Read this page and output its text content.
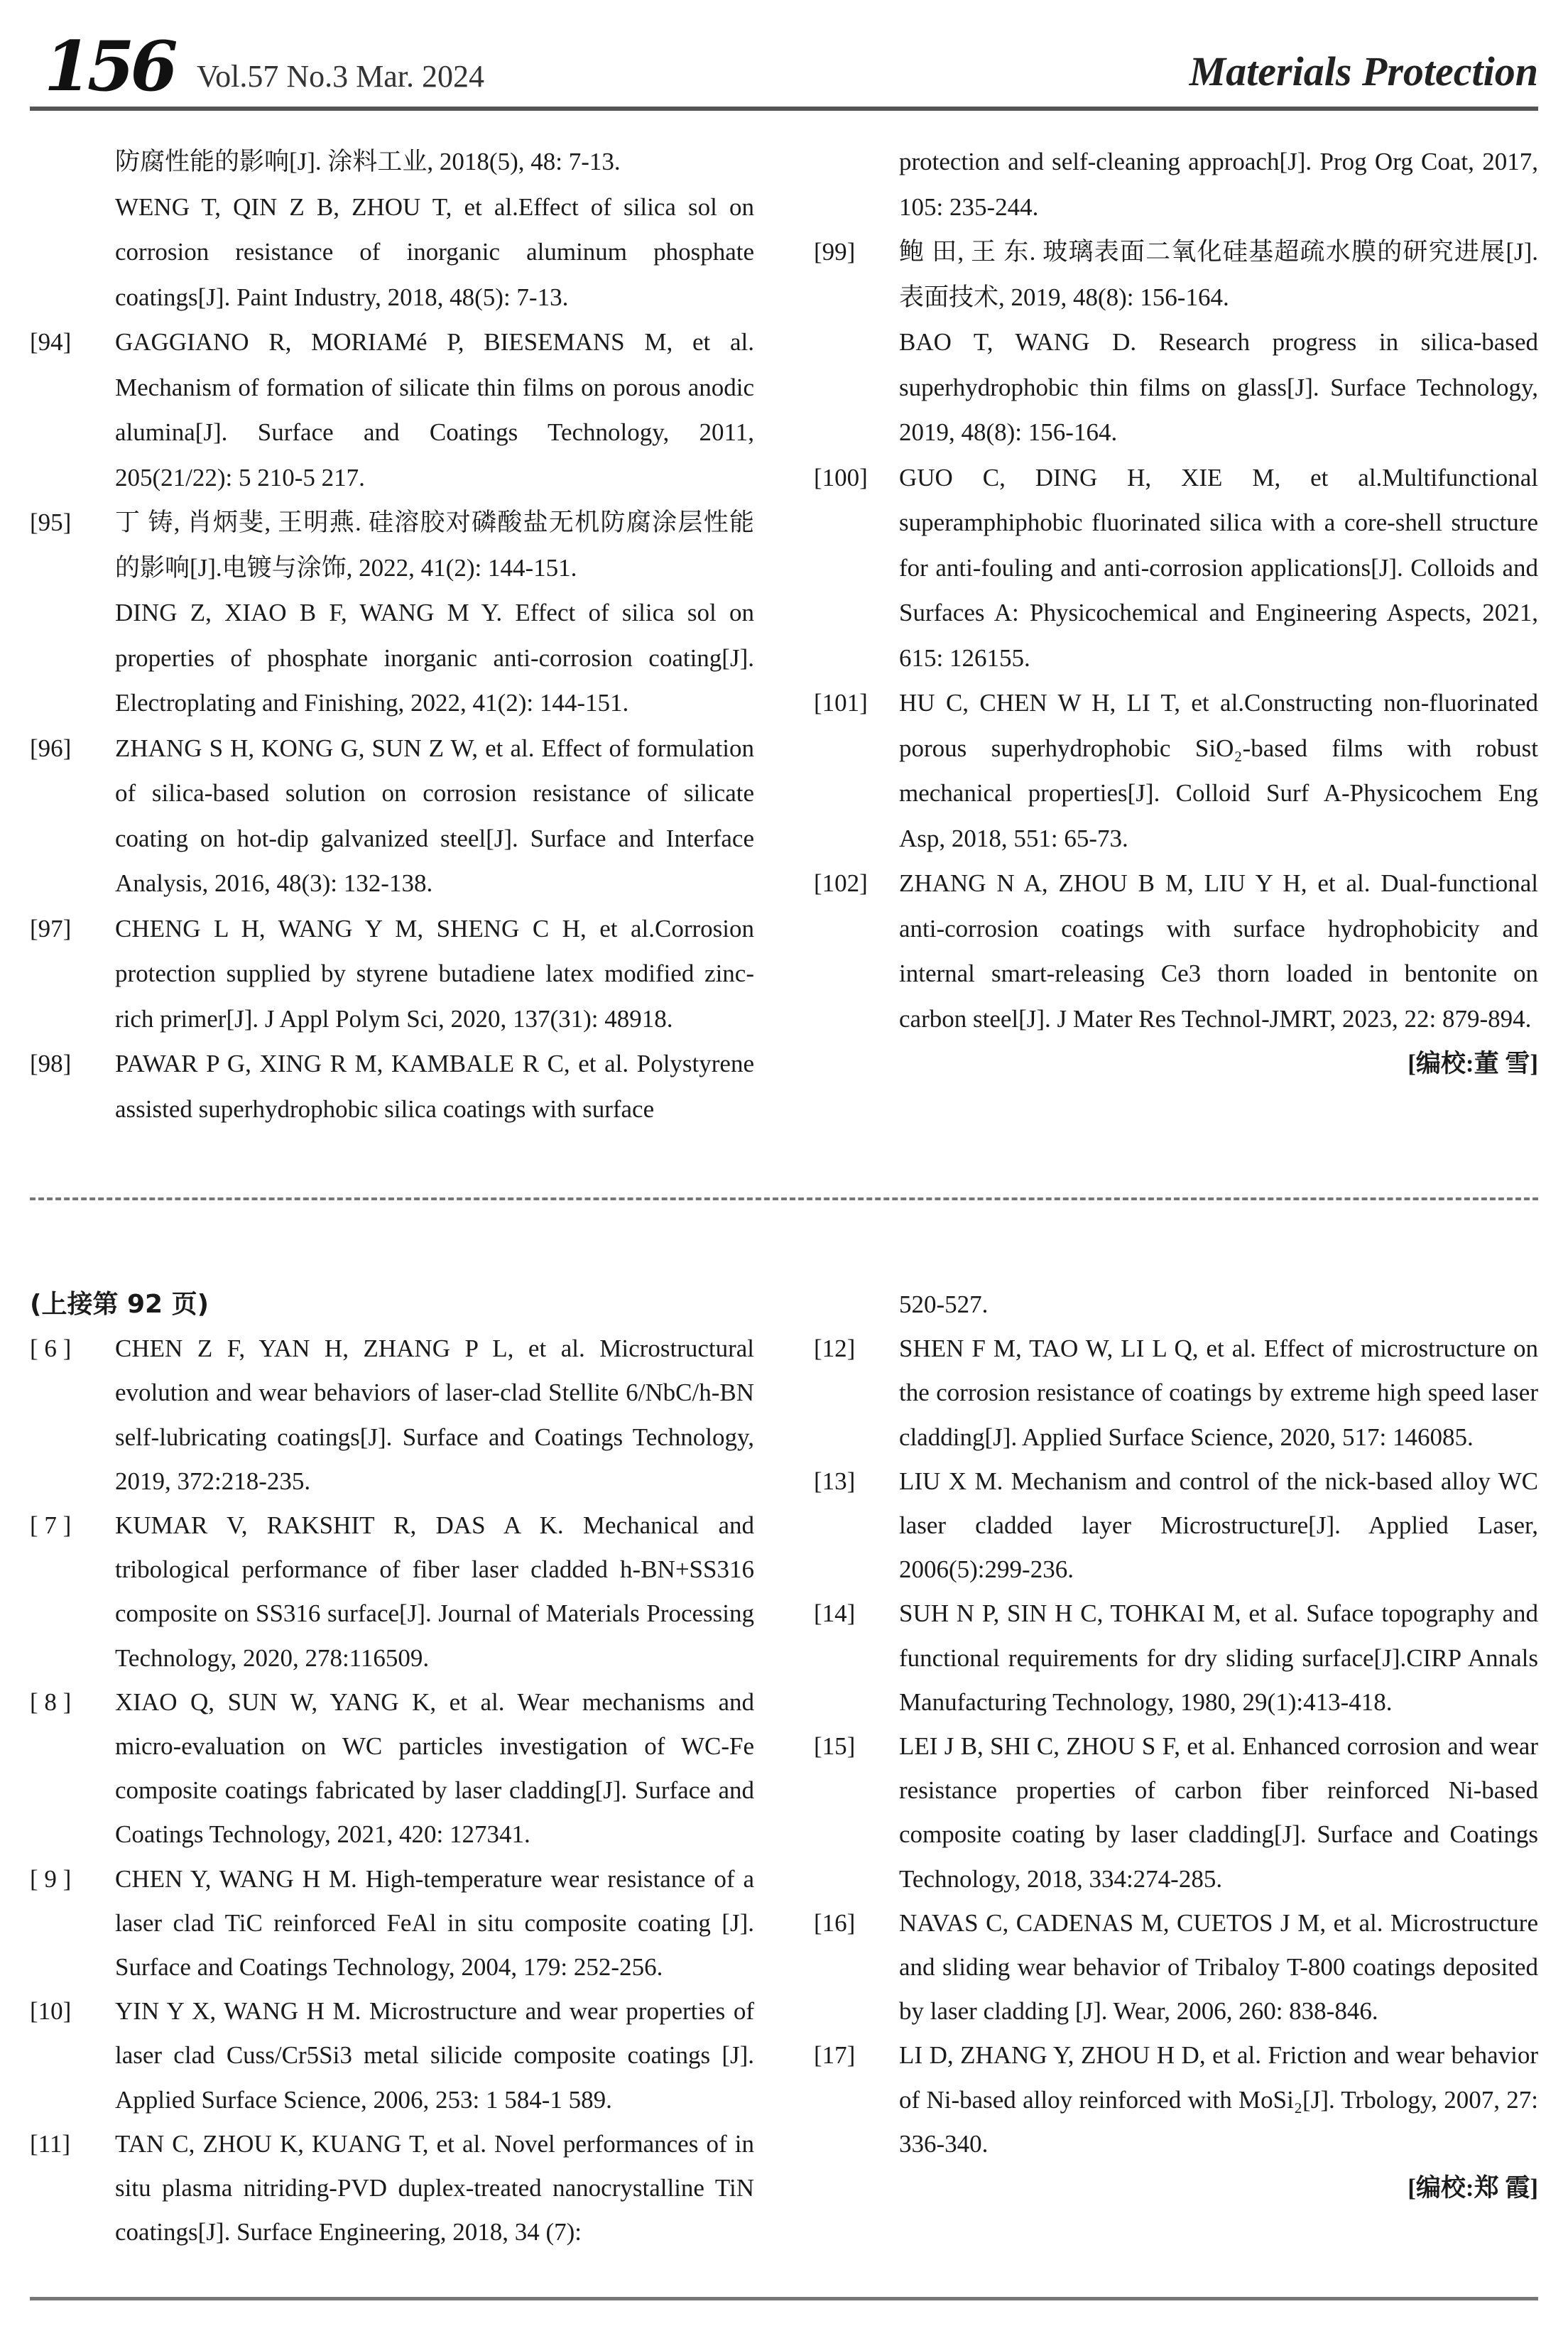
156 Vol.57 No.3 Mar. 2024	Materials Protection
防腐性能的影响[J]. 涂料工业, 2018(5), 48: 7-13.
WENG T, QIN Z B, ZHOU T, et al.Effect of silica sol on corrosion resistance of inorganic aluminum phosphate coatings[J]. Paint Industry, 2018, 48(5): 7-13.
[94] GAGGIANO R, MORIAMé P, BIESEMANS M, et al. Mechanism of formation of silicate thin films on porous anodic alumina[J]. Surface and Coatings Technology, 2011, 205(21/22): 5 210-5 217.
[95] 丁 铸, 肖炳斐, 王明燕. 硅溶胶对磷酸盐无机防腐涂层性能的影响[J].电镀与涂饰, 2022, 41(2): 144-151.
DING Z, XIAO B F, WANG M Y. Effect of silica sol on properties of phosphate inorganic anti-corrosion coating[J]. Electroplating and Finishing, 2022, 41(2): 144-151.
[96] ZHANG S H, KONG G, SUN Z W, et al. Effect of formulation of silica-based solution on corrosion resistance of silicate coating on hot-dip galvanized steel[J]. Surface and Interface Analysis, 2016, 48(3): 132-138.
[97] CHENG L H, WANG Y M, SHENG C H, et al.Corrosion protection supplied by styrene butadiene latex modified zinc-rich primer[J]. J Appl Polym Sci, 2020, 137(31): 48918.
[98] PAWAR P G, XING R M, KAMBALE R C, et al. Polystyrene assisted superhydrophobic silica coatings with surface
protection and self-cleaning approach[J]. Prog Org Coat, 2017, 105: 235-244.
[99] 鲍 田, 王 东. 玻璃表面二氧化硅基超疏水膜的研究进展[J]. 表面技术, 2019, 48(8): 156-164.
BAO T, WANG D. Research progress in silica-based superhydrophobic thin films on glass[J]. Surface Technology, 2019, 48(8): 156-164.
[100] GUO C, DING H, XIE M, et al.Multifunctional superamphiphobic fluorinated silica with a core-shell structure for anti-fouling and anti-corrosion applications[J]. Colloids and Surfaces A: Physicochemical and Engineering Aspects, 2021, 615: 126155.
[101] HU C, CHEN W H, LI T, et al.Constructing non-fluorinated porous superhydrophobic SiO₂-based films with robust mechanical properties[J]. Colloid Surf A-Physicochem Eng Asp, 2018, 551: 65-73.
[102] ZHANG N A, ZHOU B M, LIU Y H, et al. Dual-functional anti-corrosion coatings with surface hydrophobicity and internal smart-releasing Ce3 thorn loaded in bentonite on carbon steel[J]. J Mater Res Technol-JMRT, 2023, 22: 879-894.
[编校:董 雪]
(上接第 92 页)
[ 6 ] CHEN Z F, YAN H, ZHANG P L, et al. Microstructural evolution and wear behaviors of laser-clad Stellite 6/NbC/h-BN self-lubricating coatings[J]. Surface and Coatings Technology, 2019, 372:218-235.
[ 7 ] KUMAR V, RAKSHIT R, DAS A K. Mechanical and tribological performance of fiber laser cladded h-BN+SS316 composite on SS316 surface[J]. Journal of Materials Processing Technology, 2020, 278:116509.
[ 8 ] XIAO Q, SUN W, YANG K, et al. Wear mechanisms and micro-evaluation on WC particles investigation of WC-Fe composite coatings fabricated by laser cladding[J]. Surface and Coatings Technology, 2021, 420: 127341.
[ 9 ] CHEN Y, WANG H M. High-temperature wear resistance of a laser clad TiC reinforced FeAl in situ composite coating [J]. Surface and Coatings Technology, 2004, 179: 252-256.
[10] YIN Y X, WANG H M. Microstructure and wear properties of laser clad Cuss/Cr5Si3 metal silicide composite coatings [J]. Applied Surface Science, 2006, 253: 1 584-1 589.
[11] TAN C, ZHOU K, KUANG T, et al. Novel performances of in situ plasma nitriding-PVD duplex-treated nanocrystalline TiN coatings[J]. Surface Engineering, 2018, 34 (7):
520-527.
[12] SHEN F M, TAO W, LI L Q, et al. Effect of microstructure on the corrosion resistance of coatings by extreme high speed laser cladding[J]. Applied Surface Science, 2020, 517: 146085.
[13] LIU X M. Mechanism and control of the nick-based alloy WC laser cladded layer Microstructure[J]. Applied Laser, 2006(5):299-236.
[14] SUH N P, SIN H C, TOHKAI M, et al. Suface topography and functional requirements for dry sliding surface[J].CIRP Annals Manufacturing Technology, 1980, 29(1):413-418.
[15] LEI J B, SHI C, ZHOU S F, et al. Enhanced corrosion and wear resistance properties of carbon fiber reinforced Ni-based composite coating by laser cladding[J]. Surface and Coatings Technology, 2018, 334:274-285.
[16] NAVAS C, CADENAS M, CUETOS J M, et al. Microstructure and sliding wear behavior of Tribaloy T-800 coatings deposited by laser cladding [J]. Wear, 2006, 260: 838-846.
[17] LI D, ZHANG Y, ZHOU H D, et al. Friction and wear behavior of Ni-based alloy reinforced with MoSi₂[J]. Trbology, 2007, 27: 336-340.
[编校:郑 霞]
